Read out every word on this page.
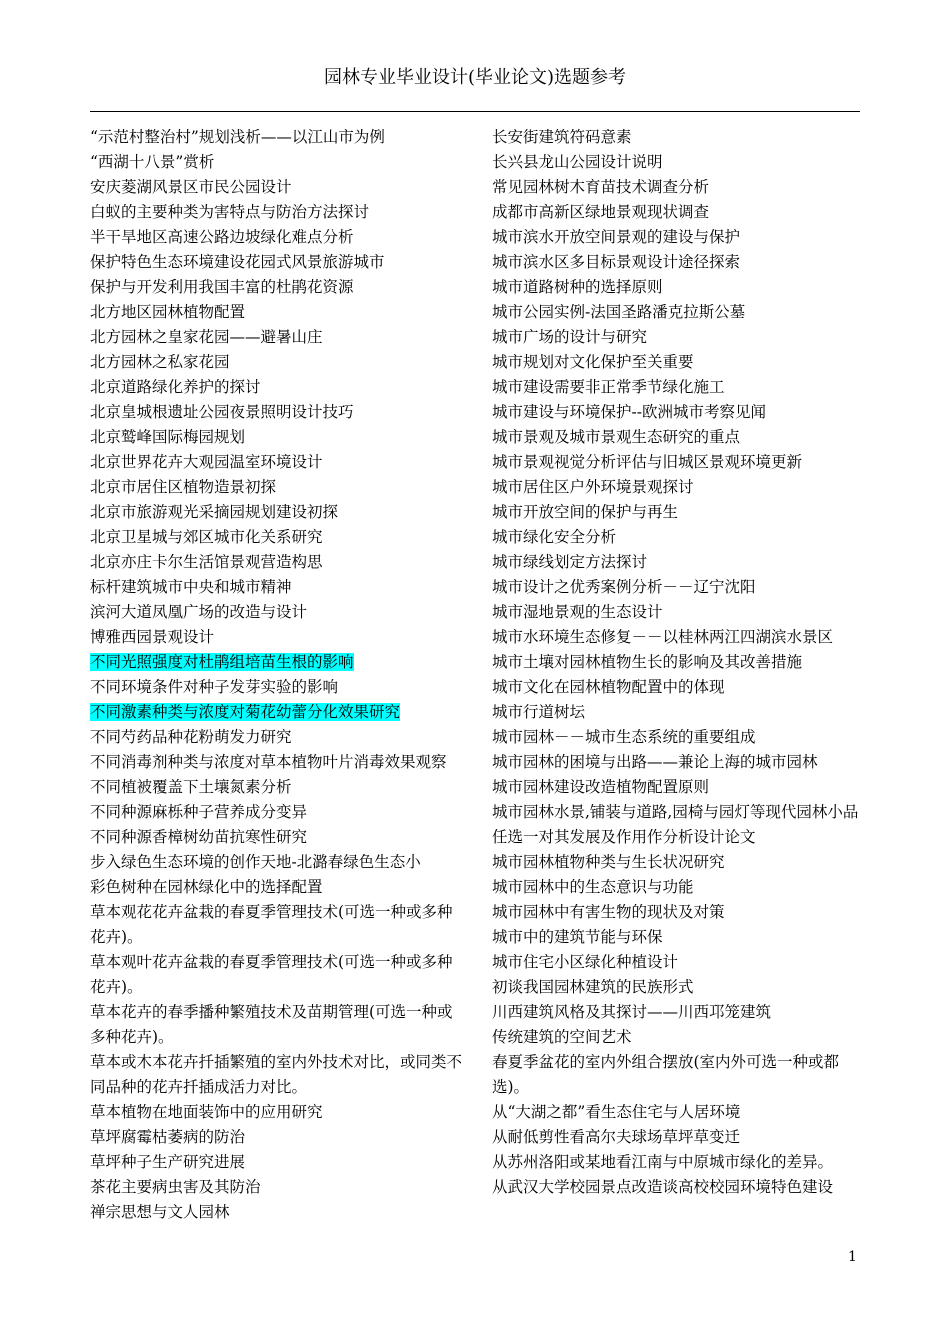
园林专业毕业设计(毕业论文)选题参考
“示范村整治村”规划浅析——以江山市为例
“西湖十八景”赏析
安庆菱湖风景区市民公园设计
白蚁的主要种类为害特点与防治方法探讨
半干旱地区高速公路边坡绿化难点分析
保护特色生态环境建设花园式风景旅游城市
保护与开发利用我国丰富的杜鹃花资源
北方地区园林植物配置
北方园林之皇家花园——避暑山庄
北方园林之私家花园
北京道路绿化养护的探讨
北京皇城根遗址公园夜景照明设计技巧
北京鹫峰国际梅园规划
北京世界花卉大观园温室环境设计
北京市居住区植物造景初探
北京市旅游观光采摘园规划建设初探
北京卫星城与郊区城市化关系研究
北京亦庄卡尔生活馆景观营造构思
标杆建筑城市中央和城市精神
滨河大道凤凰广场的改造与设计
博雅西园景观设计
不同光照强度对杜鹃组培苗生根的影响
不同环境条件对种子发芽实验的影响
不同激素种类与浓度对菊花幼蕾分化效果研究
不同芍药品种花粉萌发力研究
不同消毒剂种类与浓度对草本植物叶片消毒效果观察
不同植被覆盖下土壤氮素分析
不同种源麻栎种子营养成分变异
不同种源香樟树幼苗抗寒性研究
步入绿色生态环境的创作天地-北潞春绿色生态小
彩色树种在园林绿化中的选择配置
草本观花花卉盆栽的春夏季管理技术(可选一种或多种花卉)。
草本观叶花卉盆栽的春夏季管理技术(可选一种或多种花卉)。
草本花卉的春季播种繁殖技术及苗期管理(可选一种或多种花卉)。
草本或木本花卉扦插繁殖的室内外技术对比，或同类不同品种的花卉扦插成活力对比。
草本植物在地面装饰中的应用研究
草坪腐霉枯萎病的防治
草坪种子生产研究进展
茶花主要病虫害及其防治
禅宗思想与文人园林
长安街建筑符码意素
长兴县龙山公园设计说明
常见园林树木育苗技术调查分析
成都市高新区绿地景观现状调查
城市滨水开放空间景观的建设与保护
城市滨水区多目标景观设计途径探索
城市道路树种的选择原则
城市公园实例-法国圣路潘克拉斯公墓
城市广场的设计与研究
城市规划对文化保护至关重要
城市建设需要非正常季节绿化施工
城市建设与环境保护--欧洲城市考察见闻
城市景观及城市景观生态研究的重点
城市景观视觉分析评估与旧城区景观环境更新
城市居住区户外环境景观探讨
城市开放空间的保护与再生
城市绿化安全分析
城市绿线划定方法探讨
城市设计之优秀案例分析－－辽宁沈阳
城市湿地景观的生态设计
城市水环境生态修复－－以桂林两江四湖滨水景区
城市土壤对园林植物生长的影响及其改善措施
城市文化在园林植物配置中的体现
城市行道树坛
城市园林－－城市生态系统的重要组成
城市园林的困境与出路——兼论上海的城市园林
城市园林建设改造植物配置原则
城市园林水景,铺装与道路,园椅与园灯等现代园林小品任选一对其发展及作用作分析设计论文
城市园林植物种类与生长状况研究
城市园林中的生态意识与功能
城市园林中有害生物的现状及对策
城市中的建筑节能与环保
城市住宅小区绿化种植设计
初谈我国园林建筑的民族形式
川西建筑风格及其探讨——川西邛笼建筑
传统建筑的空间艺术
春夏季盆花的室内外组合摆放(室内外可选一种或都选)。
从“大湖之都”看生态住宅与人居环境
从耐低剪性看高尔夫球场草坪草变迁
从苏州洛阳或某地看江南与中原城市绿化的差异。
从武汉大学校园景点改造谈高校校园环境特色建设
1
